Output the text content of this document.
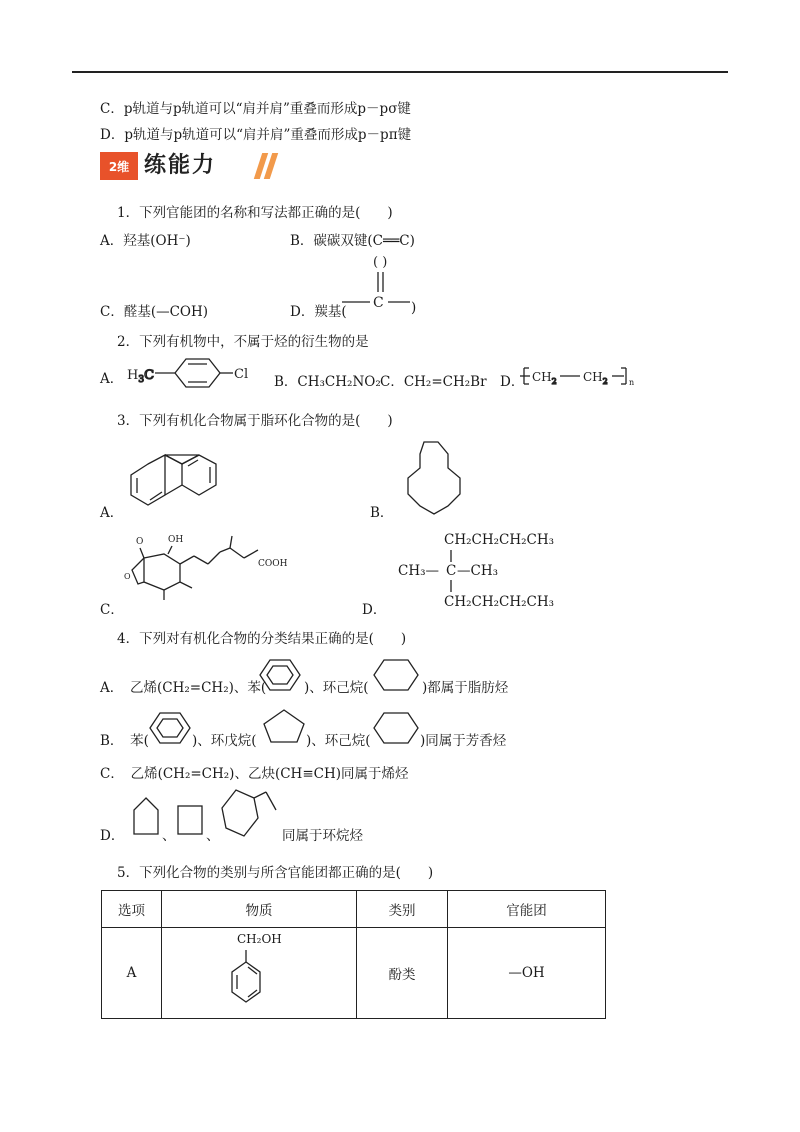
C．p轨道与p轨道可以“肩并肩”重叠而形成p－pσ键
D．p轨道与p轨道可以“肩并肩”重叠而形成p－pπ键
2维 练能力
1．下列官能团的名称和写法都正确的是(　　)
A．羟基(OH⁻)	B．碳碳双键(C══C)
C．醛基(—COH)	D．羰基(
( )
C )
2．下列有机物中，不属于烃的衍生物的是
A． $H_3C$	Cl B．CH₃CH₂NO₂ C．CH₂=CH₂Br D． $CH_2$ $CH_2$	n
3．下列有机化合物属于脂环化合物的是(　　)
A．	B．
C．
O	OH
O
COOH
D．
CH₂CH₂CH₂CH₃
CH₃— C —CH₃
CH₂CH₂CH₂CH₃
4．下列对有机化合物的分类结果正确的是(　　)
A．　乙烯(CH₂=CH₂)、苯(	)、环己烷(	)都属于脂肪烃
B．　苯(	)、环戊烷(	)、环己烷(	)同属于芳香烃
C．　乙烯(CH₂=CH₂)、乙炔(CH≡CH)同属于烯烃
D．	、 、	同属于环烷烃
5．下列化合物的类别与所含官能团都正确的是(　　)
选项	物质	类别	官能团
A	CH₂OH	酚类	—OH
